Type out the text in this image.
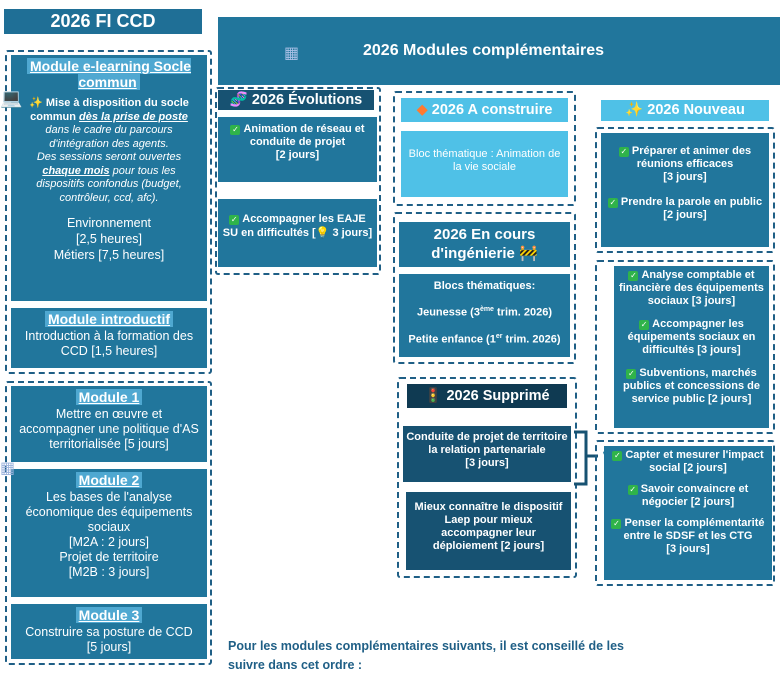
2026 FI CCD
Module e-learning Socle commun
✨ Mise à disposition du socle commun dès la prise de poste dans le cadre du parcours d'intégration des agents.
Des sessions seront ouvertes chaque mois pour tous les dispositifs confondus (budget, contrôleur, ccd, afc).
Environnement
[2,5 heures]
Métiers [7,5 heures]
💻
Module introductif
Introduction à la formation des CCD [1,5 heures]
Module 1
Mettre en œuvre et accompagner une politique d'AS territorialisée [5 jours]
Module 2
Les bases de l'analyse économique des équipements sociaux
[M2A : 2 jours]
Projet de territoire
[M2B : 3 jours]
▦
Module 3
Construire sa posture de CCD [5 jours]
▦	2026 Modules complémentaires
🧬 2026 Évolutions
✓ Animation de réseau et conduite de projet
[2 jours]
✓ Accompagner les EAJE SU en difficultés [💡 3 jours]
◆ 2026 A construire
Bloc thématique : Animation de la vie sociale
2026 En cours d'ingénierie 🚧
Blocs thématiques:
Jeunesse (3ème trim. 2026)
Petite enfance (1er trim. 2026)
🚦 2026 Supprimé
Conduite de projet de territoire la relation partenariale
[3 jours]
Mieux connaître le dispositif Laep pour mieux accompagner leur déploiement [2 jours]
✨ 2026 Nouveau
✓ Préparer et animer des réunions efficaces
[3 jours]
✓ Prendre la parole en public
[2 jours]
✓ Analyse comptable et financière des équipements sociaux [3 jours]
✓ Accompagner les équipements sociaux en difficultés [3 jours]
✓ Subventions, marchés publics et concessions de service public [2 jours]
✓ Capter et mesurer l'impact social [2 jours]
✓ Savoir convaincre et négocier [2 jours]
✓ Penser la complémentarité entre le SDSF et les CTG
[3 jours]
✓
Pour les modules complémentaires suivants, il est conseillé de les
suivre dans cet ordre :
